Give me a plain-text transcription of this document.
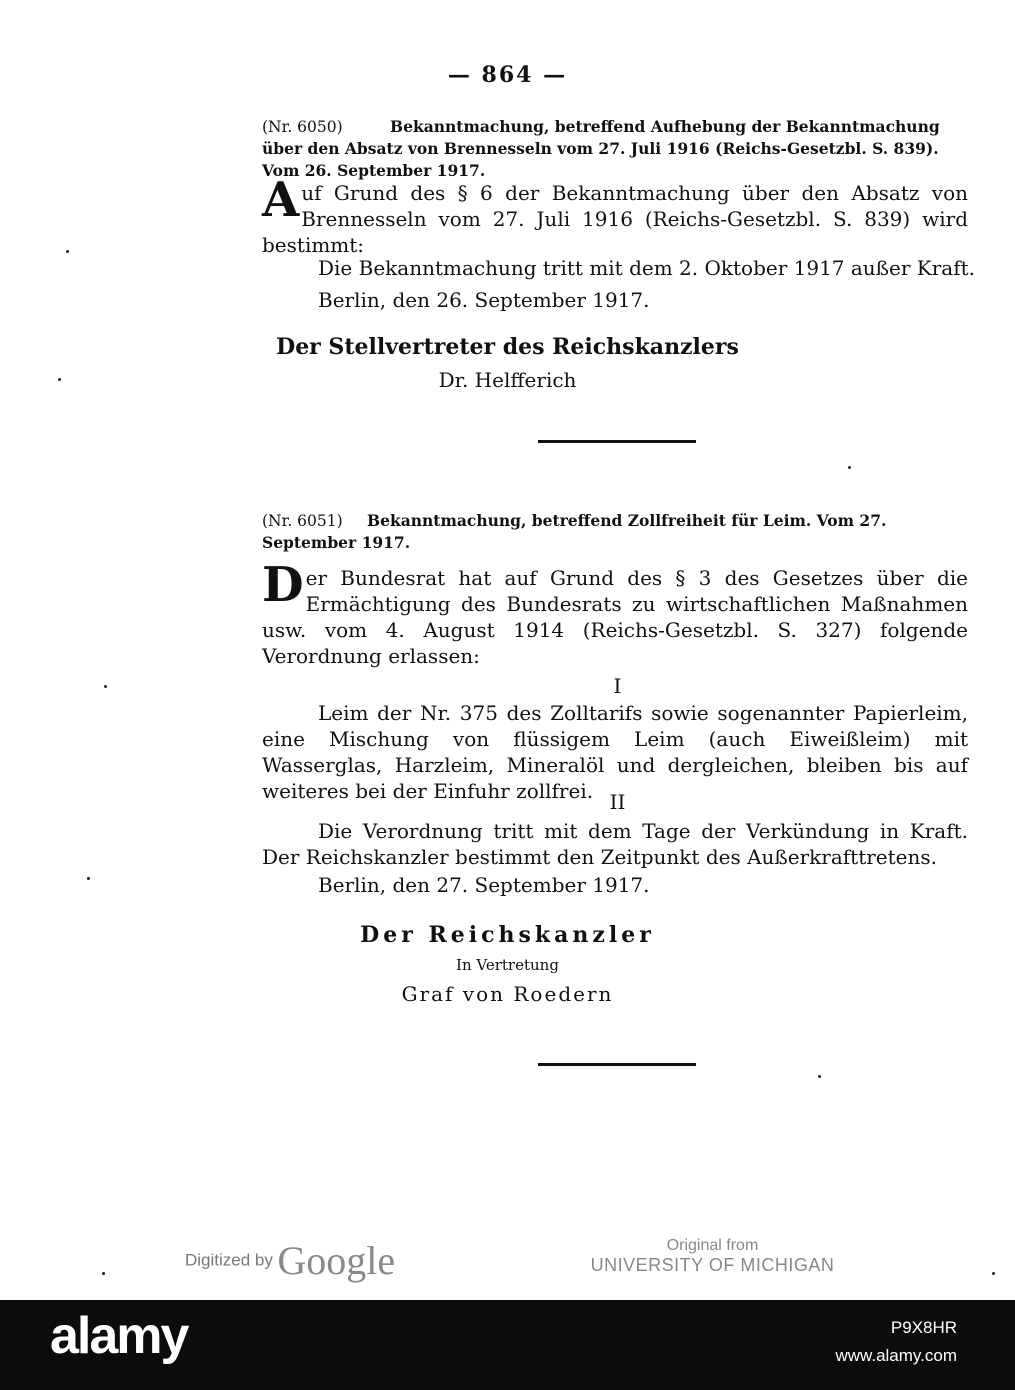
— 864 —
(Nr. 6050)	Bekanntmachung, betreffend Aufhebung der Bekanntmachung über den Absatz von Brennesseln vom 27. Juli 1916 (Reichs-Gesetzbl. S. 839). Vom 26. September 1917.
Auf Grund des § 6 der Bekanntmachung über den Absatz von Brennesseln vom 27. Juli 1916 (Reichs-Gesetzbl. S. 839) wird bestimmt:
Die Bekanntmachung tritt mit dem 2. Oktober 1917 außer Kraft.
Berlin, den 26. September 1917.
Der Stellvertreter des Reichskanzlers
Dr. Helfferich
(Nr. 6051) Bekanntmachung, betreffend Zollfreiheit für Leim. Vom 27. September 1917.
Der Bundesrat hat auf Grund des § 3 des Gesetzes über die Ermächtigung des Bundesrats zu wirtschaftlichen Maßnahmen usw. vom 4. August 1914 (Reichs-Gesetzbl. S. 327) folgende Verordnung erlassen:
I
Leim der Nr. 375 des Zolltarifs sowie sogenannter Papierleim, eine Mischung von flüssigem Leim (auch Eiweißleim) mit Wasserglas, Harzleim, Mineralöl und dergleichen, bleiben bis auf weiteres bei der Einfuhr zollfrei. II
Die Verordnung tritt mit dem Tage der Verkündung in Kraft. Der Reichskanzler bestimmt den Zeitpunkt des Außerkrafttretens.
Berlin, den 27. September 1917.
Der Reichskanzler
In Vertretung
Graf von Roedern
Digitized by Google	Original from
UNIVERSITY OF MICHIGAN
alamy	P9X8HR
www.alamy.com
